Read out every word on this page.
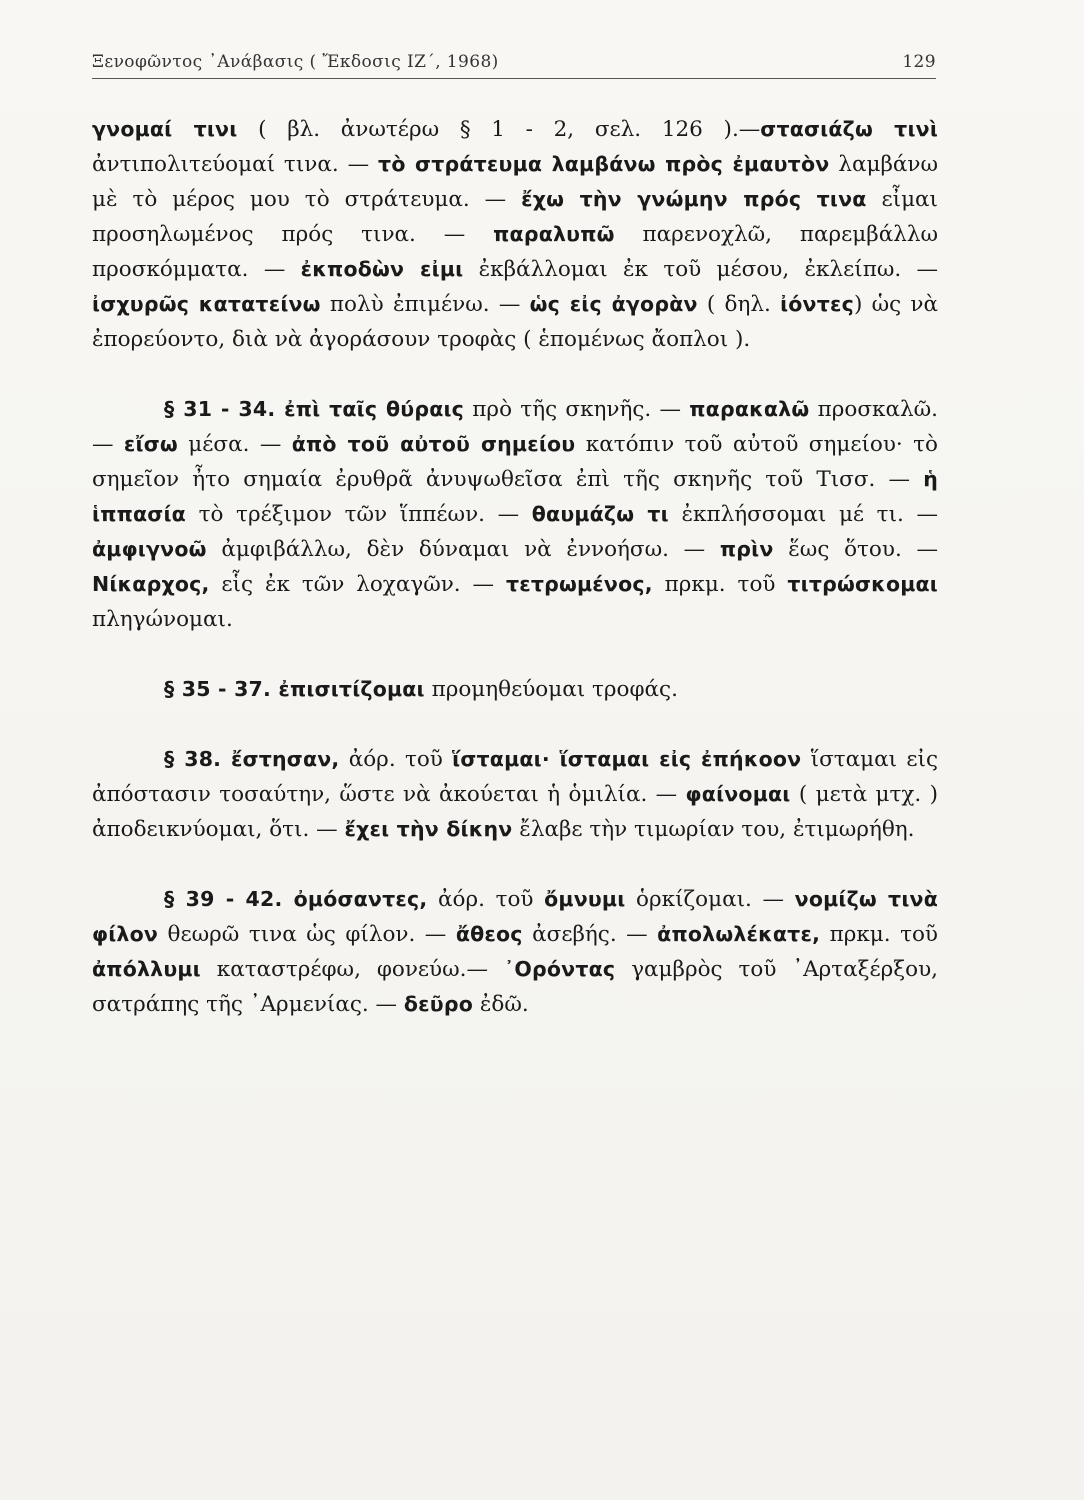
Ξενοφῶντος ᾿Ανάβασις ( Ἔκδοσις ΙΖ΄, 1968)	129

γνομαί τινι ( βλ. ἀνωτέρω § 1 - 2, σελ. 126 ).—στασιάζω τινὶ ἀντιπολιτεύομαί τινα. — τὸ στράτευμα λαμβάνω πρὸς ἐμαυτὸν λαμβάνω μὲ τὸ μέρος μου τὸ στράτευμα. — ἔχω τὴν γνώμην πρός τινα εἶμαι προσηλωμένος πρός τινα. — παραλυπῶ παρενοχλῶ, παρεμβάλλω προσκόμματα. — ἐκποδὼν εἰμι ἐκβάλλομαι ἐκ τοῦ μέσου, ἐκλείπω. — ἰσχυρῶς κατατείνω πολὺ ἐπιμένω. — ὡς εἰς ἀγορὰν ( δηλ. ἰόντες) ὡς νὰ ἐπορεύοντο, διὰ νὰ ἀγοράσουν τροφὰς ( ἑπομένως ἄοπλοι ).

§ 31 - 34. ἐπὶ ταῖς θύραις πρὸ τῆς σκηνῆς. — παρακαλῶ προσκαλῶ. — εἴσω μέσα. — ἀπὸ τοῦ αὐτοῦ σημείου κατόπιν τοῦ αὐτοῦ σημείου· τὸ σημεῖον ἦτο σημαία ἐρυθρᾶ ἀνυψωθεῖσα ἐπὶ τῆς σκηνῆς τοῦ Τισσ. — ἡ ἱππασία τὸ τρέξιμον τῶν ἵππέων. — θαυμάζω τι ἐκπλήσσομαι μέ τι. — ἀμφιγνοῶ ἀμφιβάλλω, δὲν δύναμαι νὰ ἐννοήσω. — πρὶν ἕως ὅτου. — Νίκαρχος, εἷς ἐκ τῶν λοχαγῶν. — τετρωμένος, πρκμ. τοῦ τιτρώσκομαι πληγώνομαι.

§ 35 - 37. ἐπισιτίζομαι προμηθεύομαι τροφάς.

§ 38. ἔστησαν, ἀόρ. τοῦ ἵσταμαι· ἵσταμαι εἰς ἐπήκοον ἵσταμαι εἰς ἀπόστασιν τοσαύτην, ὥστε νὰ ἀκούεται ἡ ὁμιλία. — φαίνομαι ( μετὰ μτχ. ) ἀποδεικνύομαι, ὅτι. — ἔχει τὴν δίκην ἔλαβε τὴν τιμωρίαν του, ἐτιμωρήθη.

§ 39 - 42. ὀμόσαντες, ἀόρ. τοῦ ὄμνυμι ὁρκίζομαι. — νομίζω τινὰ φίλον θεωρῶ τινα ὡς φίλον. — ἄθεος ἀσεβής. — ἀπολωλέκατε, πρκμ. τοῦ ἀπόλλυμι καταστρέφω, φονεύω.— ᾿Ορόντας γαμβρὸς τοῦ ᾿Αρταξέρξου, σατράπης τῆς ᾿Αρμενίας. — δεῦρο ἐδῶ.
